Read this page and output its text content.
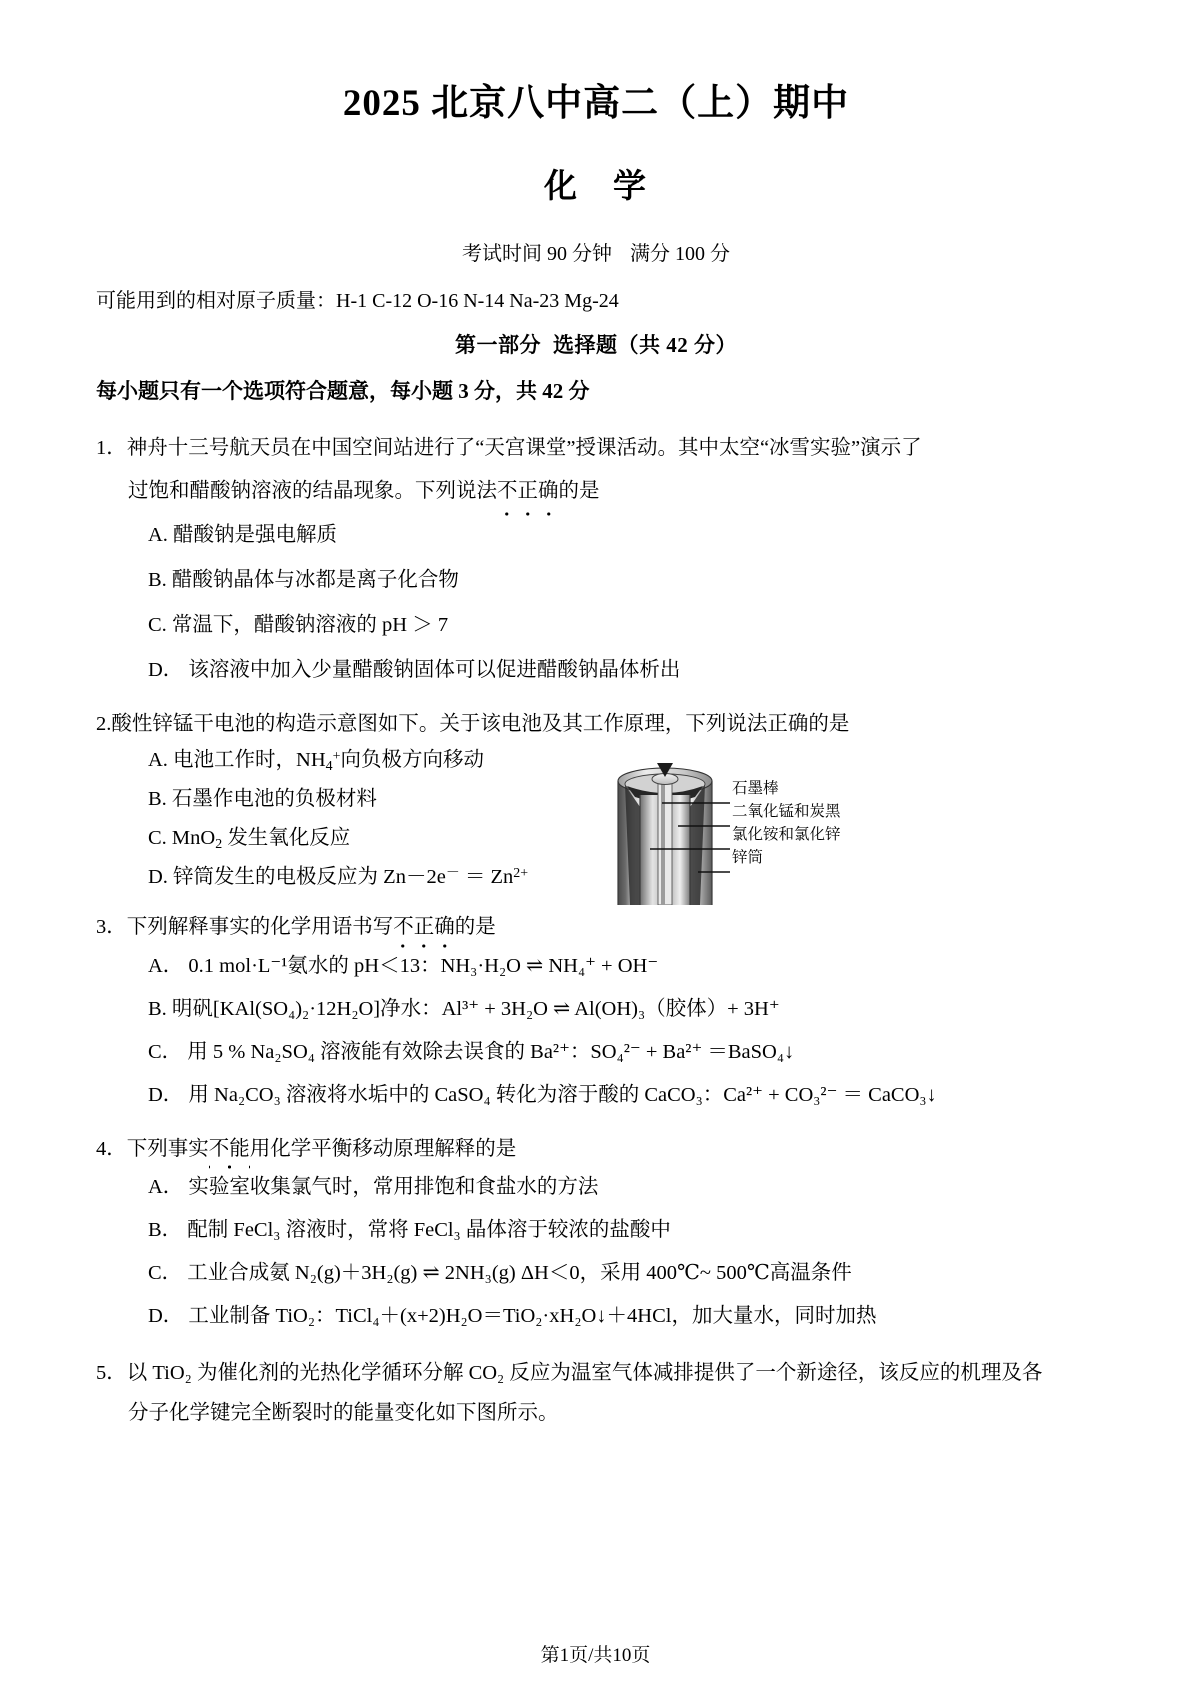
2025 北京八中高二（上）期中
化 学
考试时间 90 分钟 满分 100 分
可能用到的相对原子质量：H-1 C-12 O-16 N-14 Na-23 Mg-24
第一部分 选择题（共 42 分）
每小题只有一个选项符合题意，每小题 3 分，共 42 分
1．神舟十三号航天员在中国空间站进行了“天宫课堂”授课活动。其中太空“冰雪实验”演示了
过饱和醋酸钠溶液的结晶现象。下列说法不正确的是
A. 醋酸钠是强电解质
B. 醋酸钠晶体与冰都是离子化合物
C. 常温下，醋酸钠溶液的 pH ＞ 7
D． 该溶液中加入少量醋酸钠固体可以促进醋酸钠晶体析出
2.酸性锌锰干电池的构造示意图如下。关于该电池及其工作原理，下列说法正确的是
A. 电池工作时，$NH_4^+$向负极方向移动
B. 石墨作电池的负极材料
C. MnO$_2$ 发生氧化反应
D. 锌筒发生的电极反应为 $Zn-2e^- = Zn^{2+}$
3．下列解释事实的化学用语书写不正确的是
A． 0.1 mol·L⁻¹氨水的 pH＜13：NH₃·H₂O ⇌ NH₄⁺ + OH⁻
B. 明矾[KAl(SO₄)₂·12H₂O]净水：Al³⁺ + 3H₂O ⇌ Al(OH)₃（胶体）+ 3H⁺
C． 用 5 % Na₂SO₄ 溶液能有效除去误食的 Ba²⁺：SO₄²⁻ + Ba²⁺ ＝BaSO₄↓
D． 用 Na₂CO₃ 溶液将水垢中的 CaSO₄ 转化为溶于酸的 CaCO₃：Ca²⁺ + CO₃²⁻ ＝ CaCO₃↓
4．下列事实不能用化学平衡移动原理解释的是
A． 实验室收集氯气时，常用排饱和食盐水的方法
B． 配制 FeCl₃ 溶液时，常将 FeCl₃ 晶体溶于较浓的盐酸中
C． 工业合成氨 N₂(g)＋3H₂(g) ⇌ 2NH₃(g) ΔH＜0，采用 400℃~ 500℃高温条件
D． 工业制备 TiO₂：TiCl₄＋(x+2)H₂O＝TiO₂·xH₂O↓＋4HCl，加大量水，同时加热
5．以 TiO₂ 为催化剂的光热化学循环分解 CO₂ 反应为温室气体减排提供了一个新途径，该反应的机理及各
分子化学键完全断裂时的能量变化如下图所示。
石墨棒
二氧化锰和炭黑
氯化铵和氯化锌
锌筒
第1页/共10页
